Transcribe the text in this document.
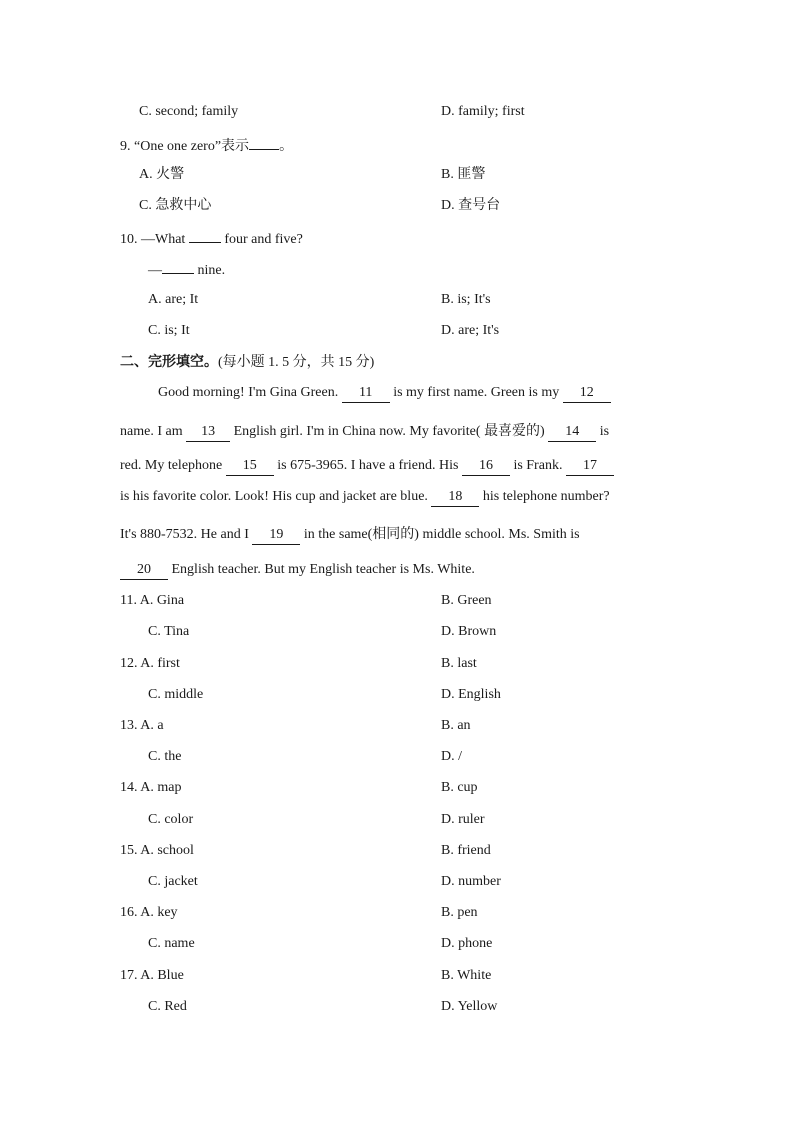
C. second; family	D. family; first
9. “One one zero”表示 。
A. 火警	B. 匪警
C. 急救中心	D. 查号台
10. —What  four and five?
— nine.
A. are; It	B. is; It's
C. is; It	D. are; It's
二、完形填空。(每小题 1. 5 分，共 15 分)
Good morning! I'm Gina Green. 11 is my first name. Green is my 12
name. I am 13 English girl. I'm in China now. My favorite( 最喜爱的) 14 is
red. My telephone 15 is 675-3965. I have a friend. His 16 is Frank. 17
is his favorite color. Look! His cup and jacket are blue. 18 his telephone number?
It's 880-7532. He and I 19 in the same(相同的) middle school. Ms. Smith is
20 English teacher. But my English teacher is Ms. White.
11. A. Gina	B. Green
C. Tina	D. Brown
12. A. first	B. last
C. middle	D. English
13. A. a	B. an
C. the	D. /
14. A. map	B. cup
C. color	D. ruler
15. A. school	B. friend
C. jacket	D. number
16. A. key	B. pen
C. name	D. phone
17. A. Blue	B. White
C. Red	D. Yellow
